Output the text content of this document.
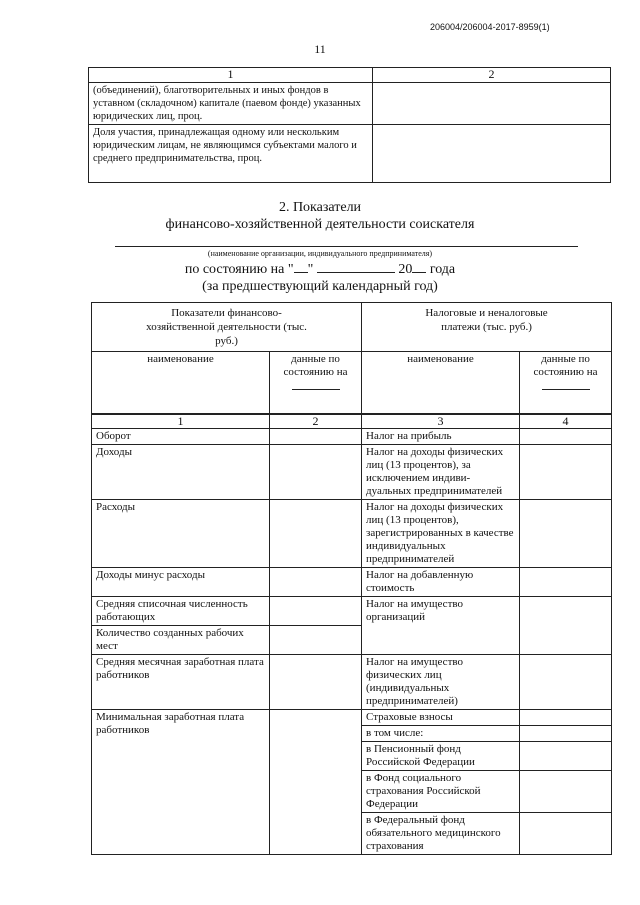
206004/206004-2017-8959(1)
11
1	2
(объединений), благотворительных и иных фондов в уставном (складочном) капитале (паевом фонде) указанных юридических лиц, проц.	
Доля участия, принадлежащая одному или нескольким юридическим лицам, не являющимся субъектами малого и среднего предпринимательства, проц.	
2. Показатели
финансово-хозяйственной деятельности соискателя
(наименование организации, индивидуального предпринимателя)
по состоянию на " "	20 года
(за предшествующий календарный год)
Показатели финансово-хозяйственной деятельности (тыс. руб.)		Налоговые и неналоговые платежи (тыс. руб.)	
наименование	данные по состоянию на	наименование	данные по состоянию на
1	2	3	4
Оборот		Налог на прибыль	
Доходы		Налог на доходы физических лиц (13 процентов), за исключением индиви-дуальных предпринимателей	
Расходы		Налог на доходы физических лиц (13 процентов), зарегистрированных в качестве индивидуальных предпринимателей	
Доходы минус расходы		Налог на добавленную стоимость	
Средняя списочная численность работающих		Налог на имущество организаций	
Количество созданных рабочих мест			
Средняя месячная заработная плата работников		Налог на имущество физических лиц (индивидуальных предпринимателей)	
Минимальная заработная плата работников		Страховые взносы	
		в том числе:	
		в Пенсионный фонд Российской Федерации	
		в Фонд социального страхования Российской Федерации	
		в Федеральный фонд обязательного медицинского страхования	
